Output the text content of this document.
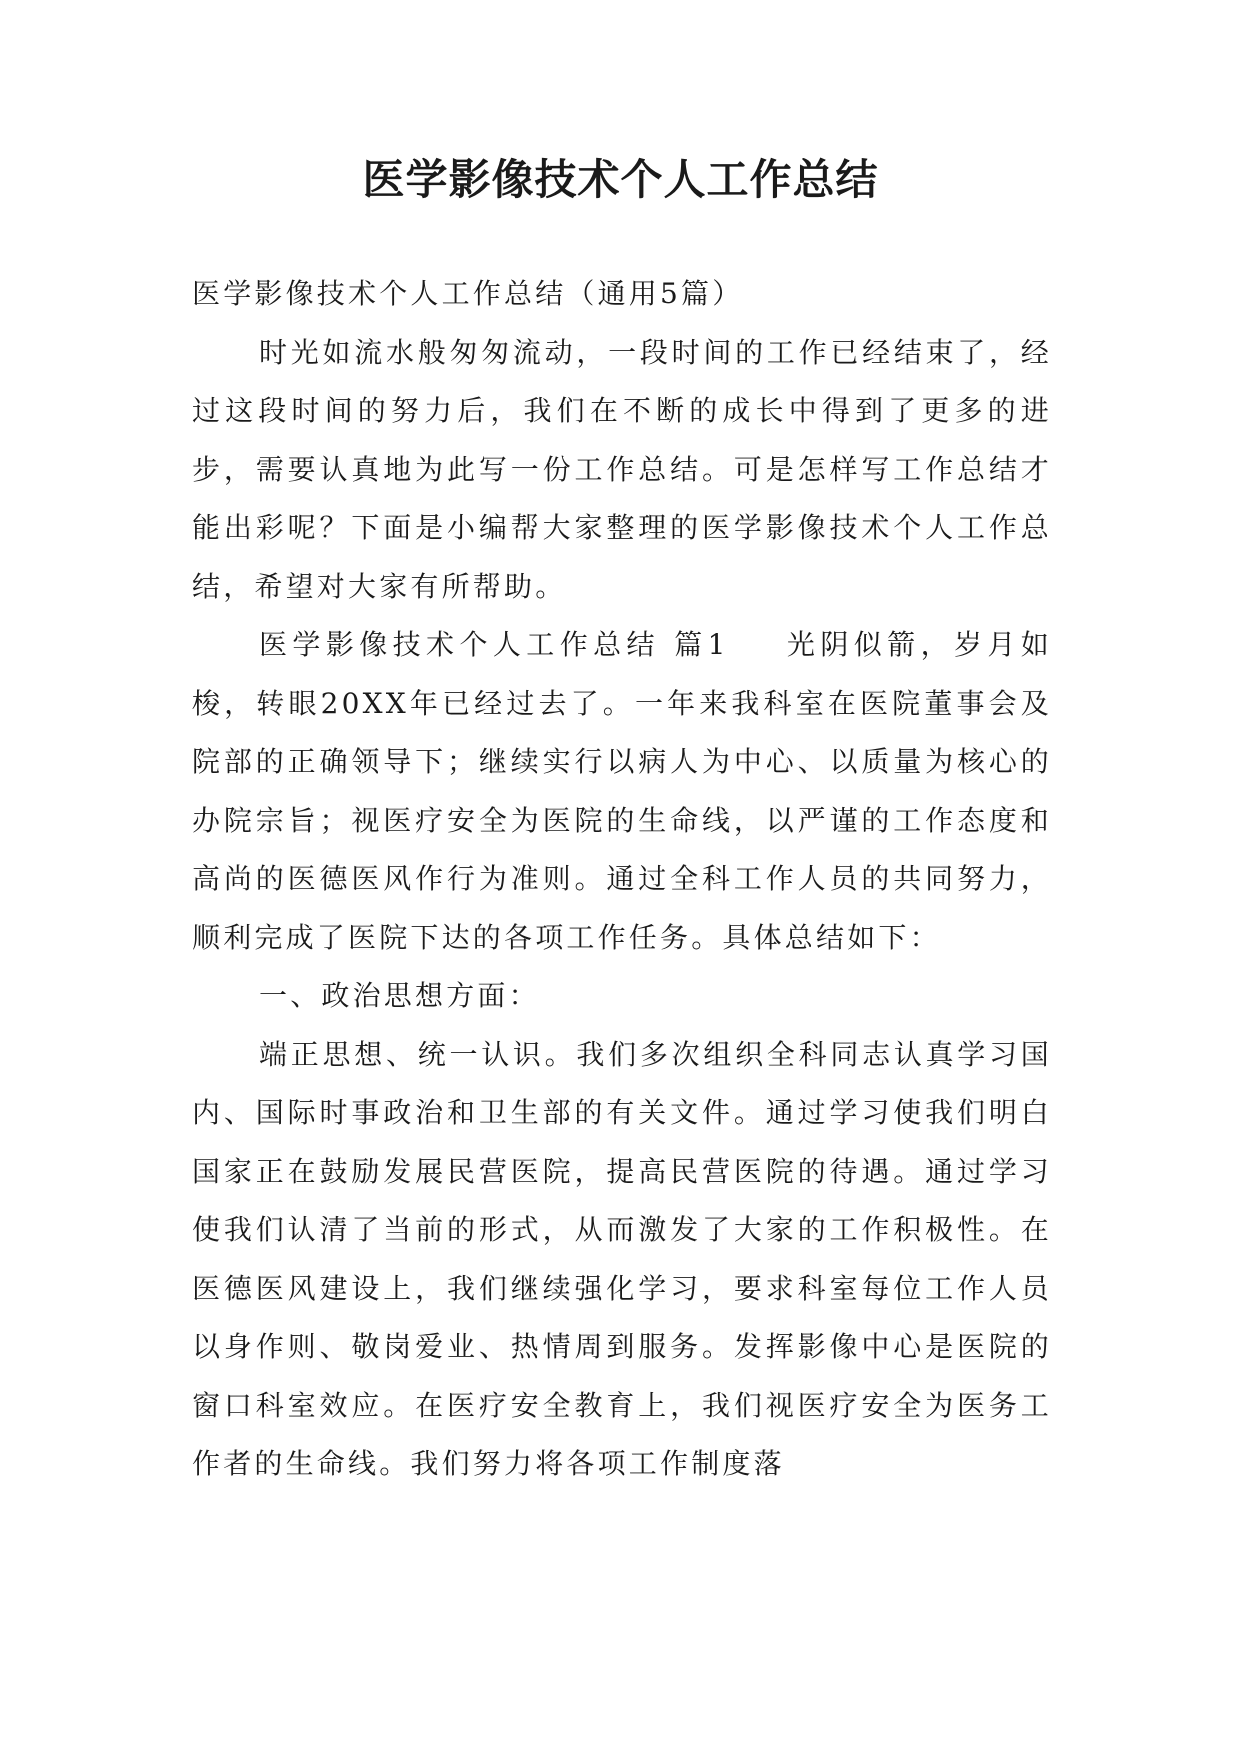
医学影像技术个人工作总结

医学影像技术个人工作总结（通用5篇）

时光如流水般匆匆流动，一段时间的工作已经结束了，经过这段时间的努力后，我们在不断的成长中得到了更多的进步，需要认真地为此写一份工作总结。可是怎样写工作总结才能出彩呢？下面是小编帮大家整理的医学影像技术个人工作总结，希望对大家有所帮助。

医学影像技术个人工作总结 篇1 光阴似箭，岁月如梭，转眼20XX年已经过去了。一年来我科室在医院董事会及院部的正确领导下；继续实行以病人为中心、以质量为核心的办院宗旨；视医疗安全为医院的生命线，以严谨的工作态度和高尚的医德医风作行为准则。通过全科工作人员的共同努力，顺利完成了医院下达的各项工作任务。具体总结如下：

一、政治思想方面：

端正思想、统一认识。我们多次组织全科同志认真学习国内、国际时事政治和卫生部的有关文件。通过学习使我们明白国家正在鼓励发展民营医院，提高民营医院的待遇。通过学习使我们认清了当前的形式，从而激发了大家的工作积极性。在医德医风建设上，我们继续强化学习，要求科室每位工作人员以身作则、敬岗爱业、热情周到服务。发挥影像中心是医院的窗口科室效应。在医疗安全教育上，我们视医疗安全为医务工作者的生命线。我们努力将各项工作制度落
